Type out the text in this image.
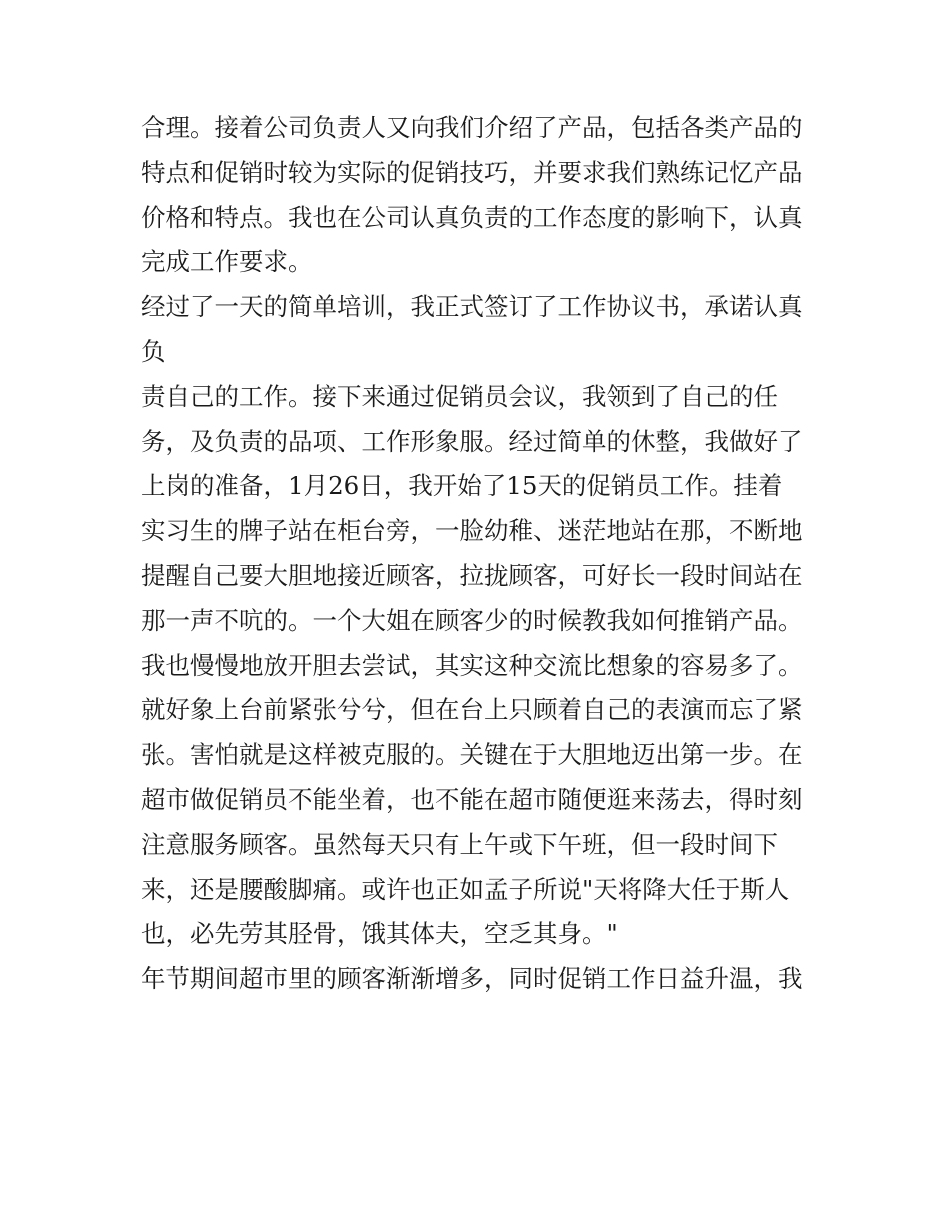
合理。接着公司负责人又向我们介绍了产品，包括各类产品的
特点和促销时较为实际的促销技巧，并要求我们熟练记忆产品
价格和特点。我也在公司认真负责的工作态度的影响下，认真
完成工作要求。
经过了一天的简单培训，我正式签订了工作协议书，承诺认真
负
责自己的工作。接下来通过促销员会议，我领到了自己的任
务，及负责的品项、工作形象服。经过简单的休整，我做好了
上岗的准备，1月26日，我开始了15天的促销员工作。挂着
实习生的牌子站在柜台旁，一脸幼稚、迷茫地站在那，不断地
提醒自己要大胆地接近顾客，拉拢顾客，可好长一段时间站在
那一声不吭的。一个大姐在顾客少的时候教我如何推销产品。
我也慢慢地放开胆去尝试，其实这种交流比想象的容易多了。
就好象上台前紧张兮兮，但在台上只顾着自己的表演而忘了紧
张。害怕就是这样被克服的。关键在于大胆地迈出第一步。在
超市做促销员不能坐着，也不能在超市随便逛来荡去，得时刻
注意服务顾客。虽然每天只有上午或下午班，但一段时间下
来，还是腰酸脚痛。或许也正如孟子所说"天将降大任于斯人
也，必先劳其胫骨，饿其体夫，空乏其身。"
年节期间超市里的顾客渐渐增多，同时促销工作日益升温，我
